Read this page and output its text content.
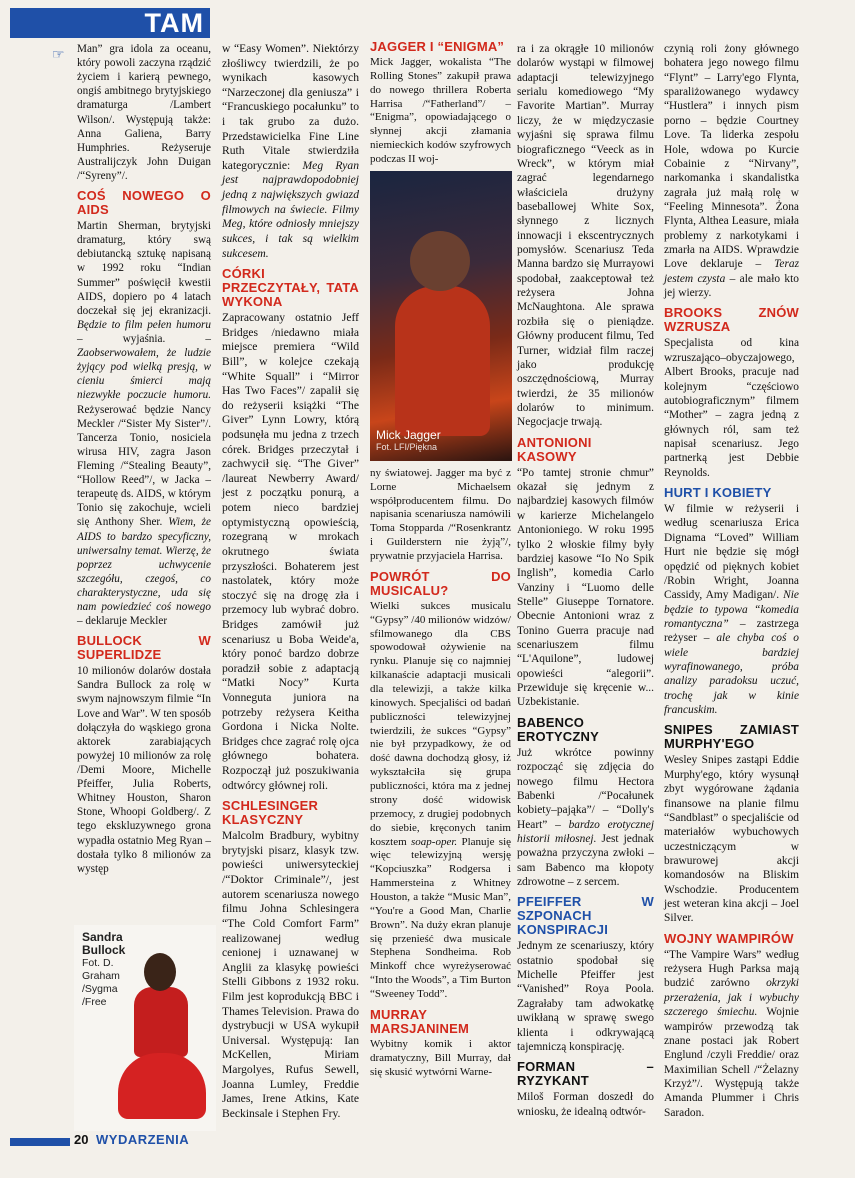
TAM
☞ Man” gra idola za oceanu, który powoli zaczyna rządzić życiem i karierą pewnego, ongiś ambitnego brytyjskiego dramaturga /Lambert Wilson/. Występują także: Anna Galiena, Barry Humphries. Reżyseruje Australijczyk John Duigan /“Syreny”/.

COŚ NOWEGO O AIDS

Martin Sherman, brytyjski dramaturg, który swą debiutancką sztukę napisaną w 1992 roku “Indian Summer” poświęcił kwestii AIDS, dopiero po 4 latach doczekał się jej ekranizacji. Będzie to film pełen humoru – wyjaśnia. – Zaobserwowałem, że ludzie żyjący pod wielką presją, w cieniu śmierci mają niezwykłe poczucie humoru. Reżyserować będzie Nancy Meckler /“Sister My Sister”/. Tancerza Tonio, nosiciela wirusa HIV, zagra Jason Fleming /“Stealing Beauty”, “Hollow Reed”/, w Jacka – terapeutę ds. AIDS, w którym Tonio się zakochuje, wcieli się Anthony Sher. Wiem, że AIDS to bardzo specyficzny, uniwersalny temat. Wierzę, że poprzez uchwycenie szczegółu, czegoś, co charakterystyczne, uda się nam powiedzieć coś nowego – deklaruje Meckler

BULLOCK W SUPERLIDZE

10 milionów dolarów dostała Sandra Bullock za rolę w swym najnowszym filmie “In Love and War”. W ten sposób dołączyła do wąskiego grona aktorek zarabiających powyżej 10 milionów za rolę /Demi Moore, Michelle Pfeiffer, Julia Roberts, Whitney Houston, Sharon Stone, Whoopi Goldberg/. Z tego ekskluzywnego grona wypadła ostatnio Meg Ryan – dostała tylko 8 milionów za występ

Sandra Bullock
Fot. D. Graham /Sygma /Free

w “Easy Women”. Niektórzy złośliwcy twierdzili, że po wynikach kasowych “Narzeczonej dla geniusza” i “Francuskiego pocałunku” to i tak grubo za dużo. Przedstawicielka Fine Line Ruth Vitale stwierdziła kategorycznie: Meg Ryan jest najprawdopodobniej jedną z największych gwiazd filmowych na świecie. Filmy Meg, które odniosły mniejszy sukces, i tak są wielkim sukcesem.

CÓRKI PRZECZYTAŁY, TATA WYKONA

Zapracowany ostatnio Jeff Bridges /niedawno miała miejsce premiera “Wild Bill”, w kolejce czekają “White Squall” i “Mirror Has Two Faces”/ zapalił się do reżyserii książki “The Giver” Lynn Lowry, którą podsunęła mu jedna z trzech córek. Bridges przeczytał i zachwycił się. “The Giver” /laureat Newberry Award/ jest z początku ponurą, a potem nieco bardziej optymistyczną opowieścią, rozegraną w mrokach okrutnego świata przyszłości. Bohaterem jest nastolatek, który może stoczyć się na drogę zła i przemocy lub wybrać dobro. Bridges zamówił już scenariusz u Boba Weide'a, który ponoć bardzo dobrze poradził sobie z adaptacją “Matki Nocy” Kurta Vonneguta juniora na potrzeby reżysera Keitha Gordona i Nicka Nolte. Bridges chce zagrać rolę ojca głównego bohatera. Rozpoczął już poszukiwania odtwórcy głównej roli.

SCHLESINGER KLASYCZNY

Malcolm Bradbury, wybitny brytyjski pisarz, klasyk tzw. powieści uniwersyteckiej /“Doktor Criminale”/, jest autorem scenariusza nowego filmu Johna Schlesingera “The Cold Comfort Farm” realizowanej według cenionej i uznawanej w Anglii za klasykę powieści Stelli Gibbons z 1932 roku. Film jest koprodukcją BBC i Thames Television. Prawa do dystrybucji w USA wykupił Universal. Występują: Ian McKellen, Miriam Margolyes, Rufus Sewell, Joanna Lumley, Freddie James, Irene Atkins, Kate Beckinsale i Stephen Fry.

JAGGER I “ENIGMA”

Mick Jagger, wokalista “The Rolling Stones” zakupił prawa do nowego thrillera Roberta Harrisa /“Fatherland”/ – “Enigma”, opowiadającego o słynnej akcji złamania niemieckich kodów szyfrowych podczas II woj-

Mick Jagger
Fot. LFI/Piękna

ny światowej. Jagger ma być z Lorne Michaelsem współproducentem filmu. Do napisania scenariusza namówili Toma Stopparda /“Rosenkrantz i Guilderstern nie żyją”/, prywatnie przyjaciela Harrisa.

POWRÓT DO MUSICALU?

Wielki sukces musicalu “Gypsy” /40 milionów widzów/ sfilmowanego dla CBS spowodował ożywienie na rynku. Planuje się co najmniej kilkanaście adaptacji musicali dla telewizji, a także kilka kinowych. Specjaliści od badań publiczności telewizyjnej twierdzili, że sukces “Gypsy” nie był przypadkowy, że od dość dawna dochodzą głosy, iż wykształciła się grupa publiczności, która ma z jednej strony dość widowisk przemocy, z drugiej podobnych do siebie, kręconych tanim kosztem soap-oper. Planuje się więc telewizyjną wersję “Kopciuszka” Rodgersa i Hammersteina z Whitney Houston, a także “Music Man”, “You're a Good Man, Charlie Brown”. Na duży ekran planuje się przenieść dwa musicale Stephena Sondheima. Rob Minkoff chce wyreżyserować “Into the Woods”, a Tim Burton “Sweeney Todd”.

MURRAY MARSJANINEM

Wybitny komik i aktor dramatyczny, Bill Murray, dał się skusić wytwórni Warne-

ra i za okrągłe 10 milionów dolarów wystąpi w filmowej adaptacji telewizyjnego serialu komediowego “My Favorite Martian”. Murray liczy, że w międzyczasie wyjaśni się sprawa filmu biograficznego “Veeck as in Wreck”, w którym miał zagrać legendarnego właściciela drużyny baseballowej White Sox, słynnego z licznych innowacji i ekscentrycznych pomysłów. Scenariusz Teda Manna bardzo się Murrayowi spodobał, zaakceptował też reżysera Johna McNaughtona. Ale sprawa rozbiła się o pieniądze. Główny producent filmu, Ted Turner, widział film raczej jako produkcję oszczędnościową, Murray twierdzi, że 35 milionów dolarów to minimum. Negocjacje trwają.

ANTONIONI KASOWY

“Po tamtej stronie chmur” okazał się jednym z najbardziej kasowych filmów w karierze Michelangelo Antonioniego. W roku 1995 tylko 2 włoskie filmy były bardziej kasowe “Io No Spik Inglish”, komedia Carlo Vanziny i “Luomo delle Stelle” Giuseppe Tornatore. Obecnie Antonioni wraz z Tonino Guerra pracuje nad scenariuszem filmu “L'Aquilone”, ludowej opowieści “alegorii”. Przewiduje się kręcenie w... Uzbekistanie.

BABENCO EROTYCZNY

Już wkrótce powinny rozpocząć się zdjęcia do nowego filmu Hectora Babenki /“Pocałunek kobiety–pająka”/ – “Dolly's Heart” – bardzo erotycznej historii miłosnej. Jest jednak poważna przyczyna zwłoki – sam Babenco ma kłopoty zdrowotne – z sercem.

PFEIFFER W SZPONACH KONSPIRACJI

Jednym ze scenariuszy, który ostatnio spodobał się Michelle Pfeiffer jest “Vanished” Roya Poola. Zagrałaby tam adwokatkę uwikłaną w sprawę swego klienta i odkrywającą tajemniczą konspirację.

FORMAN – RYZYKANT

Miloš Forman doszedł do wniosku, że idealną odtwór-

czynią roli żony głównego bohatera jego nowego filmu “Flynt” – Larry'ego Flynta, sparaliżowanego wydawcy “Hustlera” i innych pism porno – będzie Courtney Love. Ta liderka zespołu Hole, wdowa po Kurcie Cobainie z “Nirvany”, narkomanka i skandalistka zagrała już małą rolę w “Feeling Minnesota”. Żona Flynta, Althea Leasure, miała problemy z narkotykami i zmarła na AIDS. Wprawdzie Love deklaruje – Teraz jestem czysta – ale mało kto jej wierzy.

BROOKS ZNÓW WZRUSZA

Specjalista od kina wzruszająco–obyczajowego, Albert Brooks, pracuje nad kolejnym “częściowo autobiograficznym” filmem “Mother” – zagra jedną z głównych ról, sam też napisał scenariusz. Jego partnerką jest Debbie Reynolds.

HURT I KOBIETY

W filmie w reżyserii i według scenariusza Erica Dignama “Loved” William Hurt nie będzie się mógł opędzić od pięknych kobiet /Robin Wright, Joanna Cassidy, Amy Madigan/. Nie będzie to typowa “komedia romantyczna” – zastrzega reżyser – ale chyba coś o wiele bardziej wyrafinowanego, próba analizy paradoksu uczuć, trochę jak w kinie francuskim.

SNIPES ZAMIAST MURPHY'EGO

Wesley Snipes zastąpi Eddie Murphy'ego, który wysunął zbyt wygórowane żądania finansowe na planie filmu “Sandblast” o specjaliście od materiałów wybuchowych uczestniczącym w brawurowej akcji komandosów na Bliskim Wschodzie. Producentem jest weteran kina akcji – Joel Silver.

WOJNY WAMPIRÓW

“The Vampire Wars” według reżysera Hugh Parksa mają budzić zarówno okrzyki przerażenia, jak i wybuchy szczerego śmiechu. Wojnie wampirów przewodzą tak znane postaci jak Robert Englund /czyli Freddie/ oraz Maximilian Schell /“Żelazny Krzyż”/. Występują także Amanda Plummer i Chris Saradon.

20 WYDARZENIA
